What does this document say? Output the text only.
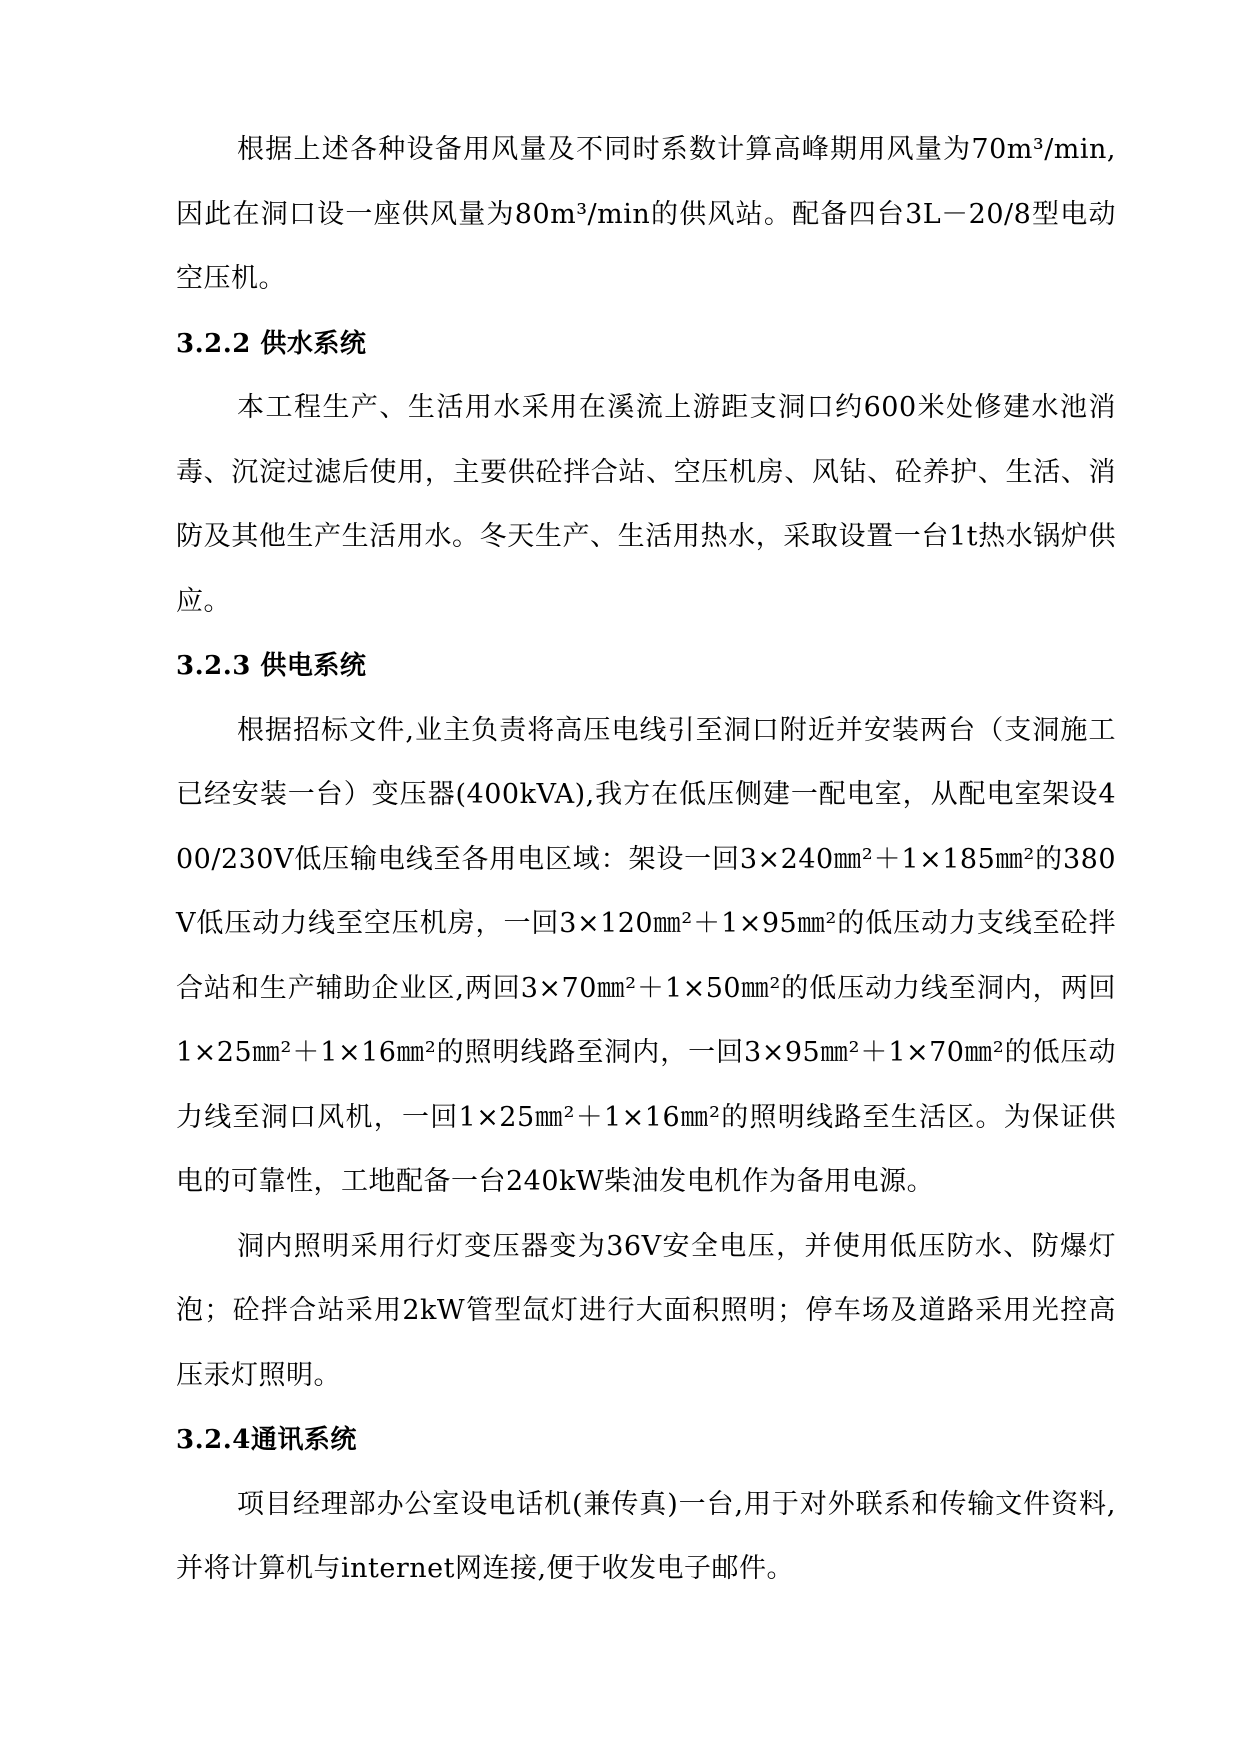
根据上述各种设备用风量及不同时系数计算高峰期用风量为70m³/min,因此在洞口设一座供风量为80m³/min的供风站。配备四台3L－20/8型电动空压机。

3.2.2 供水系统

本工程生产、生活用水采用在溪流上游距支洞口约600米处修建水池消毒、沉淀过滤后使用，主要供砼拌合站、空压机房、风钻、砼养护、生活、消防及其他生产生活用水。冬天生产、生活用热水，采取设置一台1t热水锅炉供应。

3.2.3 供电系统

根据招标文件,业主负责将高压电线引至洞口附近并安装两台（支洞施工已经安装一台）变压器(400kVA),我方在低压侧建一配电室，从配电室架设400/230V低压输电线至各用电区域：架设一回3×240㎜²＋1×185㎜²的380V低压动力线至空压机房，一回3×120㎜²＋1×95㎜²的低压动力支线至砼拌合站和生产辅助企业区,两回3×70㎜²＋1×50㎜²的低压动力线至洞内，两回1×25㎜²＋1×16㎜²的照明线路至洞内，一回3×95㎜²＋1×70㎜²的低压动力线至洞口风机，一回1×25㎜²＋1×16㎜²的照明线路至生活区。为保证供电的可靠性，工地配备一台240kW柴油发电机作为备用电源。

洞内照明采用行灯变压器变为36V安全电压，并使用低压防水、防爆灯泡；砼拌合站采用2kW管型氙灯进行大面积照明；停车场及道路采用光控高压汞灯照明。

3.2.4通讯系统

项目经理部办公室设电话机(兼传真)一台,用于对外联系和传输文件资料,并将计算机与internet网连接,便于收发电子邮件。
